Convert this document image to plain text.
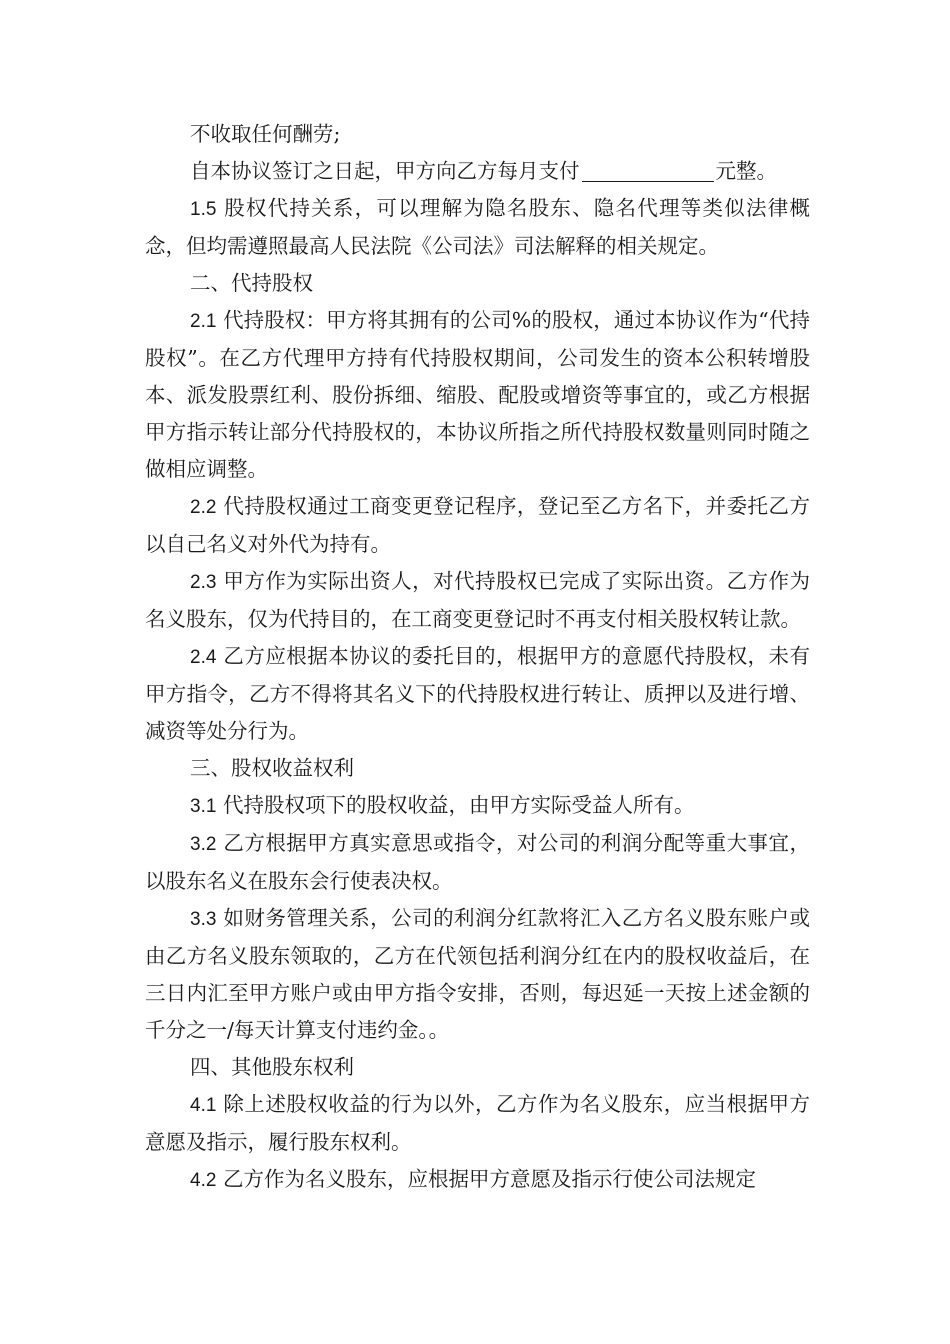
不收取任何酬劳;

自本协议签订之日起，甲方向乙方每月支付	元整。

1.5 股权代持关系，可以理解为隐名股东、隐名代理等类似法律概念，但均需遵照最高人民法院《公司法》司法解释的相关规定。

二、代持股权

2.1 代持股权：甲方将其拥有的公司%的股权，通过本协议作为“代持股权”。在乙方代理甲方持有代持股权期间，公司发生的资本公积转增股本、派发股票红利、股份拆细、缩股、配股或增资等事宜的，或乙方根据甲方指示转让部分代持股权的，本协议所指之所代持股权数量则同时随之做相应调整。

2.2 代持股权通过工商变更登记程序，登记至乙方名下，并委托乙方以自己名义对外代为持有。

2.3 甲方作为实际出资人，对代持股权已完成了实际出资。乙方作为名义股东，仅为代持目的，在工商变更登记时不再支付相关股权转让款。

2.4 乙方应根据本协议的委托目的，根据甲方的意愿代持股权，未有甲方指令，乙方不得将其名义下的代持股权进行转让、质押以及进行增、减资等处分行为。

三、股权收益权利

3.1 代持股权项下的股权收益，由甲方实际受益人所有。

3.2 乙方根据甲方真实意思或指令，对公司的利润分配等重大事宜，以股东名义在股东会行使表决权。

3.3 如财务管理关系，公司的利润分红款将汇入乙方名义股东账户或由乙方名义股东领取的，乙方在代领包括利润分红在内的股权收益后，在三日内汇至甲方账户或由甲方指令安排，否则，每迟延一天按上述金额的千分之一/每天计算支付违约金。。

四、其他股东权利

4.1 除上述股权收益的行为以外，乙方作为名义股东，应当根据甲方意愿及指示，履行股东权利。

4.2 乙方作为名义股东，应根据甲方意愿及指示行使公司法规定
